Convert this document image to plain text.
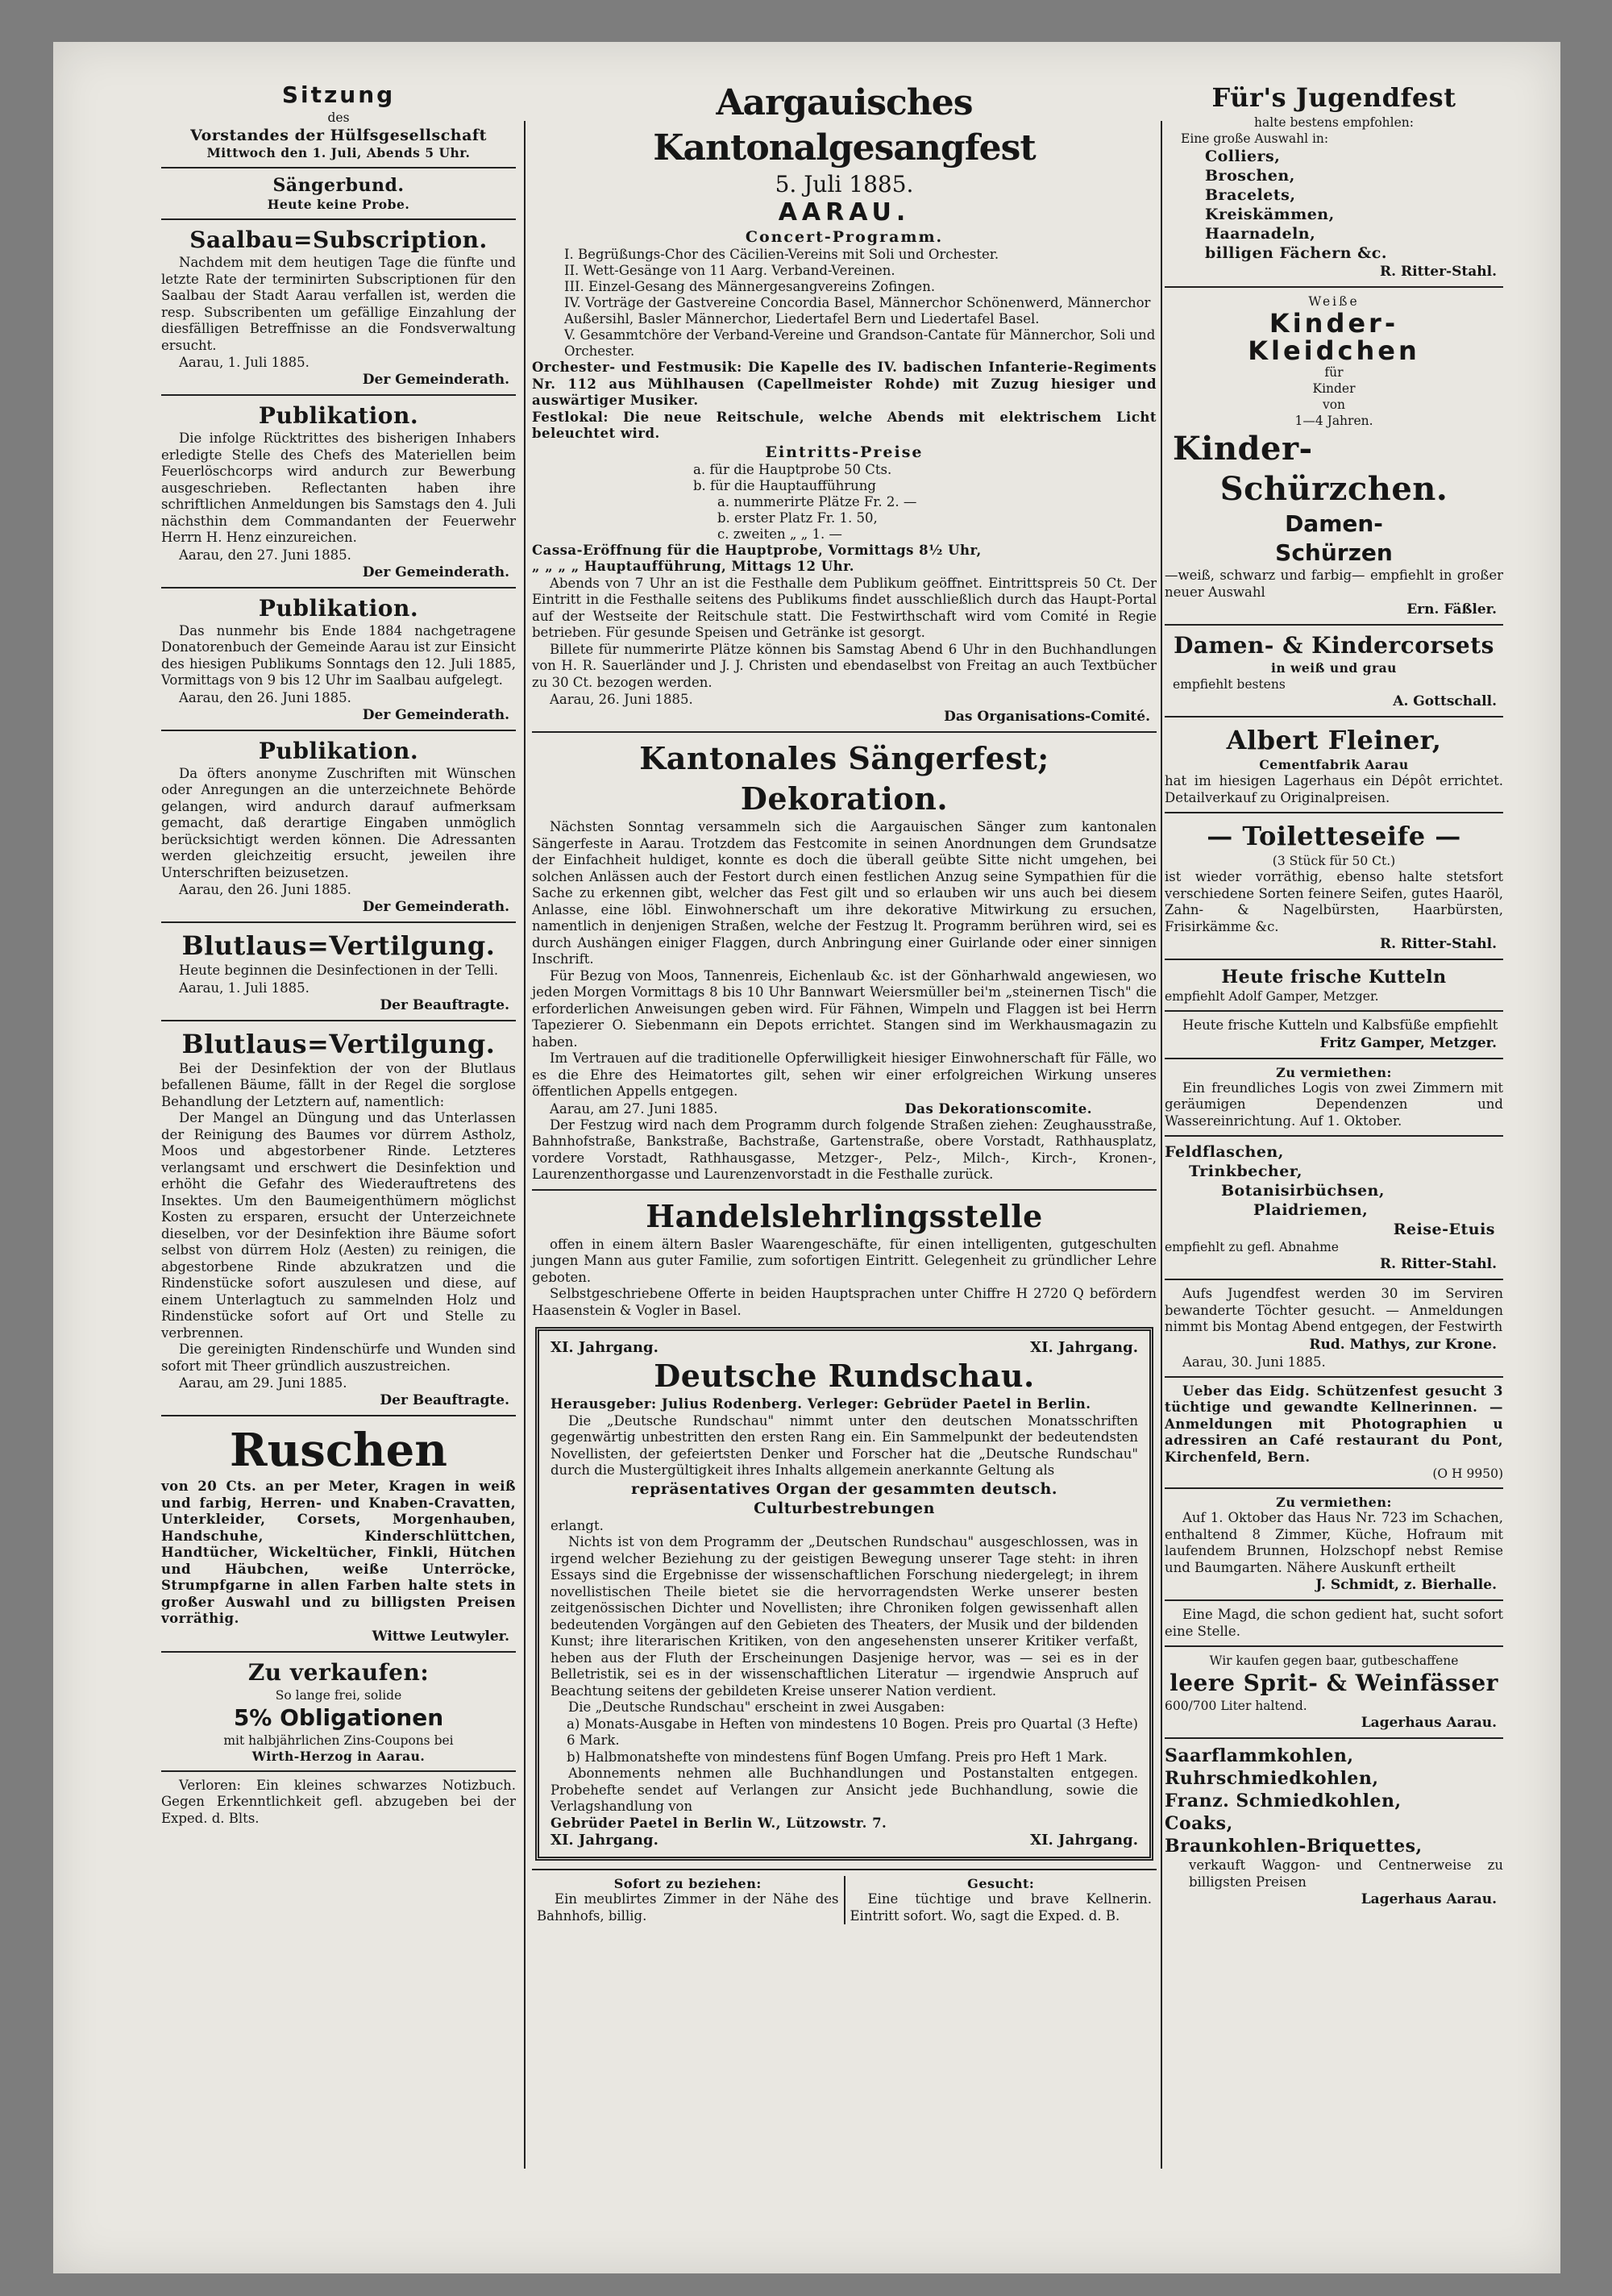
Sitzung

des

Vorstandes der Hülfsgesellschaft

Mittwoch den 1. Juli, Abends 5 Uhr.

Sängerbund.

Heute keine Probe.

Saalbau=Subscription.

Nachdem mit dem heutigen Tage die fünfte und letzte Rate der terminirten Subscriptionen für den Saalbau der Stadt Aarau verfallen ist, werden die resp. Subscribenten um gefällige Einzahlung der diesfälligen Betreffnisse an die Fondsverwaltung ersucht.

Aarau, 1. Juli 1885.

Der Gemeinderath.

Publikation.

Die infolge Rücktrittes des bisherigen Inhabers erledigte Stelle des Chefs des Materiellen beim Feuerlöschcorps wird andurch zur Bewerbung ausgeschrieben. Reflectanten haben ihre schriftlichen Anmeldungen bis Samstags den 4. Juli nächsthin dem Commandanten der Feuerwehr Herrn H. Henz einzureichen.

Aarau, den 27. Juni 1885.

Der Gemeinderath.

Publikation.

Das nunmehr bis Ende 1884 nachgetragene Donatorenbuch der Gemeinde Aarau ist zur Einsicht des hiesigen Publikums Sonntags den 12. Juli 1885, Vormittags von 9 bis 12 Uhr im Saalbau aufgelegt.

Aarau, den 26. Juni 1885.

Der Gemeinderath.

Publikation.

Da öfters anonyme Zuschriften mit Wünschen oder Anregungen an die unterzeichnete Behörde gelangen, wird andurch darauf aufmerksam gemacht, daß derartige Eingaben unmöglich berücksichtigt werden können. Die Adressanten werden gleichzeitig ersucht, jeweilen ihre Unterschriften beizusetzen.

Aarau, den 26. Juni 1885.

Der Gemeinderath.

Blutlaus=Vertilgung.

Heute beginnen die Desinfectionen in der Telli.

Aarau, 1. Juli 1885.

Der Beauftragte.

Blutlaus=Vertilgung.

Bei der Desinfektion der von der Blutlaus befallenen Bäume, fällt in der Regel die sorglose Behandlung der Letztern auf, namentlich:

Der Mangel an Düngung und das Unterlassen der Reinigung des Baumes vor dürrem Astholz, Moos und abgestorbener Rinde. Letzteres verlangsamt und erschwert die Desinfektion und erhöht die Gefahr des Wiederauftretens des Insektes. Um den Baumeigenthümern möglichst Kosten zu ersparen, ersucht der Unterzeichnete dieselben, vor der Desinfektion ihre Bäume sofort selbst von dürrem Holz (Aesten) zu reinigen, die abgestorbene Rinde abzukratzen und die Rindenstücke sofort auszulesen und diese, auf einem Unterlagtuch zu sammelnden Holz und Rindenstücke sofort auf Ort und Stelle zu verbrennen.

Die gereinigten Rindenschürfe und Wunden sind sofort mit Theer gründlich auszustreichen.

Aarau, am 29. Juni 1885.

Der Beauftragte.

Ruschen

von 20 Cts. an per Meter, Kragen in weiß und farbig, Herren- und Knaben-Cravatten, Unterkleider, Corsets, Morgenhauben, Handschuhe, Kinderschlüttchen, Handtücher, Wickeltücher, Finkli, Hütchen und Häubchen, weiße Unterröcke, Strumpfgarne in allen Farben halte stets in großer Auswahl und zu billigsten Preisen vorräthig.

Wittwe Leutwyler.

Zu verkaufen:

So lange frei, solide

5% Obligationen

mit halbjährlichen Zins-Coupons bei

Wirth-Herzog in Aarau.

Verloren: Ein kleines schwarzes Notizbuch. Gegen Erkenntlichkeit gefl. abzugeben bei der Exped. d. Blts.

Aargauisches Kantonalgesangfest

5. Juli 1885.

AARAU.

Concert-Programm.

I. Begrüßungs-Chor des Cäcilien-Vereins mit Soli und Orchester.

II. Wett-Gesänge von 11 Aarg. Verband-Vereinen.

III. Einzel-Gesang des Männergesangvereins Zofingen.

IV. Vorträge der Gastvereine Concordia Basel, Männerchor Schönenwerd, Männerchor Außersihl, Basler Männerchor, Liedertafel Bern und Liedertafel Basel.

V. Gesammtchöre der Verband-Vereine und Grandson-Cantate für Männerchor, Soli und Orchester.

Orchester- und Festmusik: Die Kapelle des IV. badischen Infanterie-Regiments Nr. 112 aus Mühlhausen (Capellmeister Rohde) mit Zuzug hiesiger und auswärtiger Musiker.

Festlokal: Die neue Reitschule, welche Abends mit elektrischem Licht beleuchtet wird.

Eintritts-Preise

a. für die Hauptprobe 50 Cts.

b. für die Hauptaufführung

a. nummerirte Plätze Fr. 2. —

b. erster Platz Fr. 1. 50,

c. zweiten „ „ 1. —

Cassa-Eröffnung für die Hauptprobe, Vormittags 8½ Uhr,

„ „ „ „ Hauptaufführung, Mittags 12 Uhr.

Abends von 7 Uhr an ist die Festhalle dem Publikum geöffnet. Eintrittspreis 50 Ct. Der Eintritt in die Festhalle seitens des Publikums findet ausschließlich durch das Haupt-Portal auf der Westseite der Reitschule statt. Die Festwirthschaft wird vom Comité in Regie betrieben. Für gesunde Speisen und Getränke ist gesorgt.

Billete für nummerirte Plätze können bis Samstag Abend 6 Uhr in den Buchhandlungen von H. R. Sauerländer und J. J. Christen und ebendaselbst von Freitag an auch Textbücher zu 30 Ct. bezogen werden.

Aarau, 26. Juni 1885.

Das Organisations-Comité.

Kantonales Sängerfest; Dekoration.

Nächsten Sonntag versammeln sich die Aargauischen Sänger zum kantonalen Sängerfeste in Aarau. Trotzdem das Festcomite in seinen Anordnungen dem Grundsatze der Einfachheit huldiget, konnte es doch die überall geübte Sitte nicht umgehen, bei solchen Anlässen auch der Festort durch einen festlichen Anzug seine Sympathien für die Sache zu erkennen gibt, welcher das Fest gilt und so erlauben wir uns auch bei diesem Anlasse, eine löbl. Einwohnerschaft um ihre dekorative Mitwirkung zu ersuchen, namentlich in denjenigen Straßen, welche der Festzug lt. Programm berühren wird, sei es durch Aushängen einiger Flaggen, durch Anbringung einer Guirlande oder einer sinnigen Inschrift.

Für Bezug von Moos, Tannenreis, Eichenlaub &c. ist der Gönharhwald angewiesen, wo jeden Morgen Vormittags 8 bis 10 Uhr Bannwart Weiersmüller bei'm „steinernen Tisch" die erforderlichen Anweisungen geben wird. Für Fähnen, Wimpeln und Flaggen ist bei Herrn Tapezierer O. Siebenmann ein Depots errichtet. Stangen sind im Werkhausmagazin zu haben.

Im Vertrauen auf die traditionelle Opferwilligkeit hiesiger Einwohnerschaft für Fälle, wo es die Ehre des Heimatortes gilt, sehen wir einer erfolgreichen Wirkung unseres öffentlichen Appells entgegen.

Aarau, am 27. Juni 1885.	Das Dekorationscomite.

Der Festzug wird nach dem Programm durch folgende Straßen ziehen: Zeughausstraße, Bahnhofstraße, Bankstraße, Bachstraße, Gartenstraße, obere Vorstadt, Rathhausplatz, vordere Vorstadt, Rathhausgasse, Metzger-, Pelz-, Milch-, Kirch-, Kronen-, Laurenzenthorgasse und Laurenzenvorstadt in die Festhalle zurück.

Handelslehrlingsstelle

offen in einem ältern Basler Waarengeschäfte, für einen intelligenten, gutgeschulten jungen Mann aus guter Familie, zum sofortigen Eintritt. Gelegenheit zu gründlicher Lehre geboten.

Selbstgeschriebene Offerte in beiden Hauptsprachen unter Chiffre H 2720 Q befördern Haasenstein & Vogler in Basel.

XI. Jahrgang.	XI. Jahrgang.

Deutsche Rundschau.

Herausgeber: Julius Rodenberg. Verleger: Gebrüder Paetel in Berlin.

Die „Deutsche Rundschau" nimmt unter den deutschen Monatsschriften gegenwärtig unbestritten den ersten Rang ein. Ein Sammelpunkt der bedeutendsten Novellisten, der gefeiertsten Denker und Forscher hat die „Deutsche Rundschau" durch die Mustergültigkeit ihres Inhalts allgemein anerkannte Geltung als

repräsentatives Organ der gesammten deutsch. Culturbestrebungen

erlangt.

Nichts ist von dem Programm der „Deutschen Rundschau" ausgeschlossen, was in irgend welcher Beziehung zu der geistigen Bewegung unserer Tage steht: in ihren Essays sind die Ergebnisse der wissenschaftlichen Forschung niedergelegt; in ihrem novellistischen Theile bietet sie die hervorragendsten Werke unserer besten zeitgenössischen Dichter und Novellisten; ihre Chroniken folgen gewissenhaft allen bedeutenden Vorgängen auf den Gebieten des Theaters, der Musik und der bildenden Kunst; ihre literarischen Kritiken, von den angesehensten unserer Kritiker verfaßt, heben aus der Fluth der Erscheinungen Dasjenige hervor, was — sei es in der Belletristik, sei es in der wissenschaftlichen Literatur — irgendwie Anspruch auf Beachtung seitens der gebildeten Kreise unserer Nation verdient.

Die „Deutsche Rundschau" erscheint in zwei Ausgaben:

a) Monats-Ausgabe in Heften von mindestens 10 Bogen. Preis pro Quartal (3 Hefte) 6 Mark.

b) Halbmonatshefte von mindestens fünf Bogen Umfang. Preis pro Heft 1 Mark.

Abonnements nehmen alle Buchhandlungen und Postanstalten entgegen. Probehefte sendet auf Verlangen zur Ansicht jede Buchhandlung, sowie die Verlagshandlung von

Gebrüder Paetel in Berlin W., Lützowstr. 7.

XI. Jahrgang.	XI. Jahrgang.

Sofort zu beziehen:

Ein meublirtes Zimmer in der Nähe des Bahnhofs, billig.

Gesucht:

Eine tüchtige und brave Kellnerin. Eintritt sofort. Wo, sagt die Exped. d. B.

Für's Jugendfest

halte bestens empfohlen:

Eine große Auswahl in:

Colliers,

Broschen,

Bracelets,

Kreiskämmen,

Haarnadeln,

billigen Fächern &c.

R. Ritter-Stahl.

Weiße

Kinder-

Kleidchen

für

Kinder

von

1—4 Jahren.

Kinder-

Schürzchen.

Damen-

Schürzen

—weiß, schwarz und farbig— empfiehlt in großer neuer Auswahl

Ern. Fäßler.

Damen- & Kindercorsets

in weiß und grau

empfiehlt bestens

A. Gottschall.

Albert Fleiner,

Cementfabrik Aarau

hat im hiesigen Lagerhaus ein Dépôt errichtet. Detailverkauf zu Originalpreisen.

— Toiletteseife —

(3 Stück für 50 Ct.)

ist wieder vorräthig, ebenso halte stetsfort verschiedene Sorten feinere Seifen, gutes Haaröl, Zahn- & Nagelbürsten, Haarbürsten, Frisirkämme &c.

R. Ritter-Stahl.

Heute frische Kutteln

empfiehlt Adolf Gamper, Metzger.

Heute frische Kutteln und Kalbsfüße empfiehlt

Fritz Gamper, Metzger.

Zu vermiethen:

Ein freundliches Logis von zwei Zimmern mit geräumigen Dependenzen und Wassereinrichtung. Auf 1. Oktober.

Feldflaschen,

Trinkbecher,

Botanisirbüchsen,

Plaidriemen,

Reise-Etuis

empfiehlt zu gefl. Abnahme

R. Ritter-Stahl.

Aufs Jugendfest werden 30 im Serviren bewanderte Töchter gesucht. — Anmeldungen nimmt bis Montag Abend entgegen, der Festwirth

Rud. Mathys, zur Krone.

Aarau, 30. Juni 1885.

Ueber das Eidg. Schützenfest gesucht 3 tüchtige und gewandte Kellnerinnen. — Anmeldungen mit Photographien u adressiren an Café restaurant du Pont, Kirchenfeld, Bern.

(O H 9950)

Zu vermiethen:

Auf 1. Oktober das Haus Nr. 723 im Schachen, enthaltend 8 Zimmer, Küche, Hofraum mit laufendem Brunnen, Holzschopf nebst Remise und Baumgarten. Nähere Auskunft ertheilt

J. Schmidt, z. Bierhalle.

Eine Magd, die schon gedient hat, sucht sofort eine Stelle.

Wir kaufen gegen baar, gutbeschaffene

leere Sprit- & Weinfässer

600/700 Liter haltend.

Lagerhaus Aarau.

Saarflammkohlen,

Ruhrschmiedkohlen,

Franz. Schmiedkohlen,

Coaks,

Braunkohlen-Briquettes,

verkauft Waggon- und Centnerweise zu billigsten Preisen

Lagerhaus Aarau.
